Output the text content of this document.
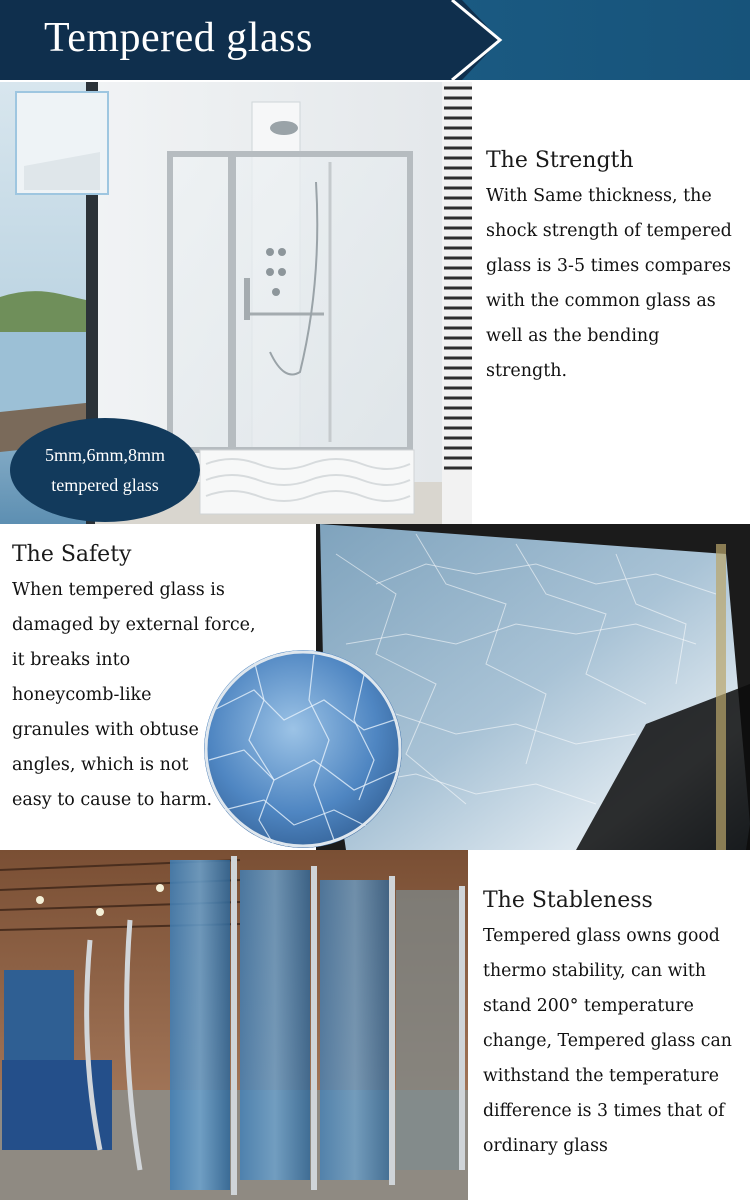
Tempered glass
5mm,6mm,8mm
tempered glass
The Strength

With Same thickness, the

shock strength of tempered

glass is 3-5 times compares

with the common glass as

well as the bending

strength.

The Safety

When tempered glass is

damaged by external force,

it breaks into

honeycomb-like

granules with obtuse

angles, which is not

easy to cause to harm.

The Stableness

Tempered glass owns good

thermo stability, can with

stand 200° temperature

change, Tempered glass can

withstand the temperature

difference is 3 times that of

ordinary glass
